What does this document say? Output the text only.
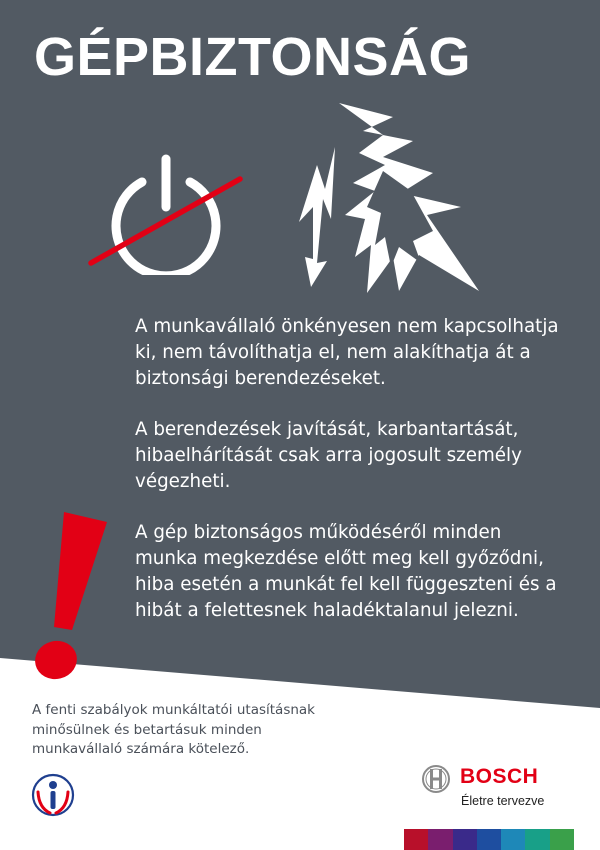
GÉPBIZTONSÁG

A munkavállaló önkényesen nem kapcsolhatja ki, nem távolíthatja el, nem alakíthatja át a biztonsági berendezéseket.

A berendezések javítását, karbantartását, hibaelhárítását csak arra jogosult személy végezheti.

A gép biztonságos működéséről minden munka megkezdése előtt meg kell győződni, hiba esetén a munkát fel kell függeszteni és a hibát a felettesnek haladéktalanul jelezni.

A fenti szabályok munkáltatói utasításnak minősülnek és betartásuk minden munkavállaló számára kötelező.

BOSCH

Életre tervezve
